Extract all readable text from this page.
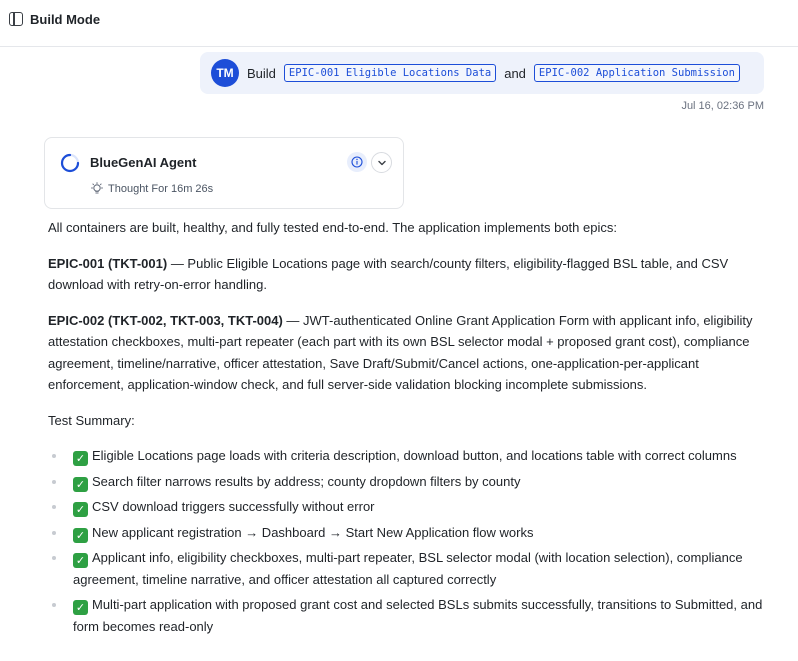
Build Mode
TM	Build	EPIC-001 Eligible Locations Data	and	EPIC-002 Application Submission
Jul 16, 02:36 PM
BlueGenAI Agent
Thought For 16m 26s

All containers are built, healthy, and fully tested end-to-end. The application implements both epics:

EPIC-001 (TKT-001) — Public Eligible Locations page with search/county filters, eligibility-flagged BSL table, and CSV download with retry-on-error handling.

EPIC-002 (TKT-002, TKT-003, TKT-004) — JWT-authenticated Online Grant Application Form with applicant info, eligibility attestation checkboxes, multi-part repeater (each part with its own BSL selector modal + proposed grant cost), compliance agreement, timeline/narrative, officer attestation, Save Draft/Submit/Cancel actions, one-application-per-applicant enforcement, application-window check, and full server-side validation blocking incomplete submissions.

Test Summary:

✓ Eligible Locations page loads with criteria description, download button, and locations table with correct columns
✓ Search filter narrows results by address; county dropdown filters by county
✓ CSV download triggers successfully without error
✓ New applicant registration → Dashboard → Start New Application flow works
✓ Applicant info, eligibility checkboxes, multi-part repeater, BSL selector modal (with location selection), compliance agreement, timeline narrative, and officer attestation all captured correctly
✓ Multi-part application with proposed grant cost and selected BSLs submits successfully, transitions to Submitted, and form becomes read-only
